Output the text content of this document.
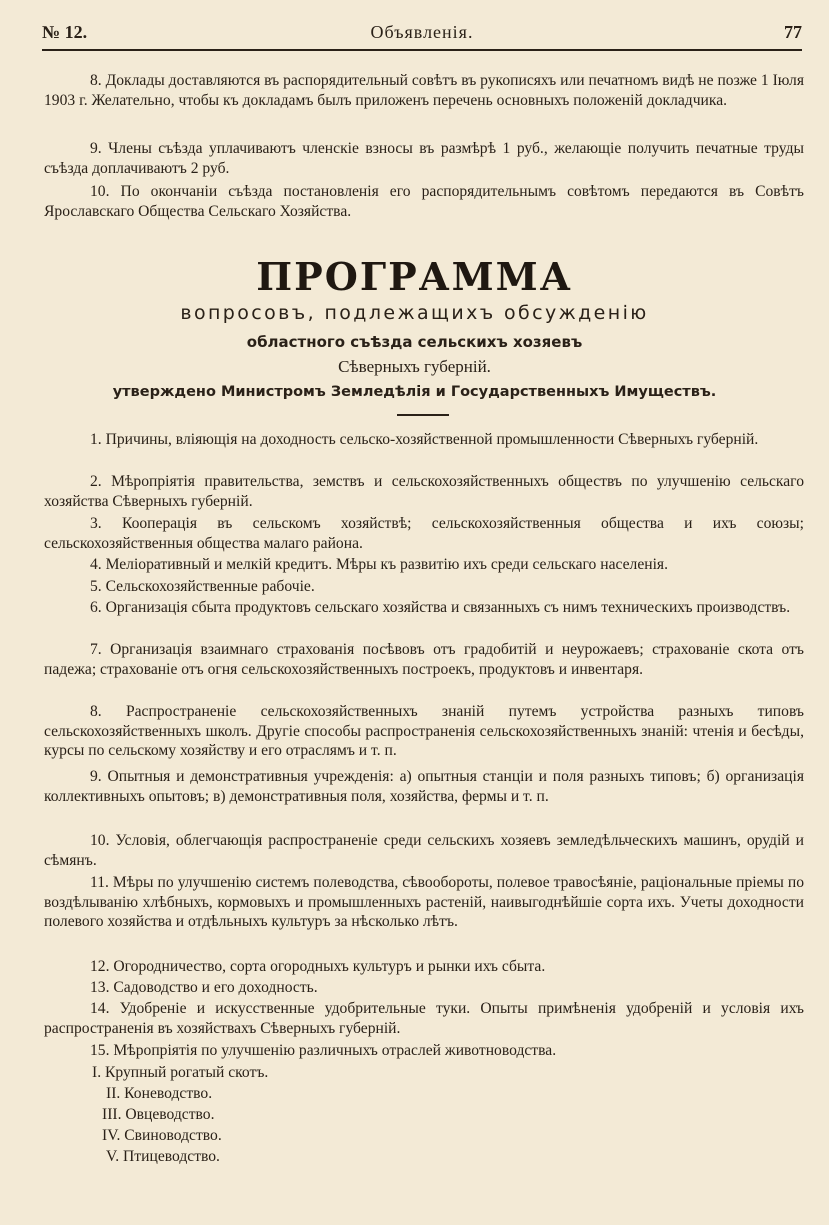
№ 12.	Объявленія.	77

8. Доклады доставляются въ распорядительный совѣтъ въ рукописяхъ или печатномъ видѣ не позже 1 Іюля 1903 г. Желательно, чтобы къ докладамъ былъ приложенъ перечень основныхъ положеній докладчика.

9. Члены съѣзда уплачиваютъ членскіе взносы въ размѣрѣ 1 руб., желающіе получить печатные труды съѣзда доплачиваютъ 2 руб.

10. По окончаніи съѣзда постановленія его распорядительнымъ совѣтомъ передаются въ Совѣтъ Ярославскаго Общества Сельскаго Хозяйства.

ПРОГРАММА
вопросовъ, подлежащихъ обсужденію
областного съѣзда сельскихъ хозяевъ
Сѣверныхъ губерній.
утверждено Министромъ Земледѣлія и Государственныхъ Имуществъ.

1. Причины, вліяющія на доходность сельско-хозяйственной промышленности Сѣверныхъ губерній.

2. Мѣропріятія правительства, земствъ и сельскохозяйственныхъ обществъ по улучшенію сельскаго хозяйства Сѣверныхъ губерній.

3. Кооперація въ сельскомъ хозяйствѣ; сельскохозяйственныя общества и ихъ союзы; сельскохозяйственныя общества малаго района.

4. Меліоративный и мелкій кредитъ. Мѣры къ развитію ихъ среди сельскаго населенія.

5. Сельскохозяйственные рабочіе.

6. Организація сбыта продуктовъ сельскаго хозяйства и связанныхъ съ нимъ техническихъ производствъ.

7. Организація взаимнаго страхованія посѣвовъ отъ градобитій и неурожаевъ; страхованіе скота отъ падежа; страхованіе отъ огня сельскохозяйственныхъ построекъ, продуктовъ и инвентаря.

8. Распространеніе сельскохозяйственныхъ знаній путемъ устройства разныхъ типовъ сельскохозяйственныхъ школъ. Другіе способы распространенія сельскохозяйственныхъ знаній: чтенія и бесѣды, курсы по сельскому хозяйству и его отраслямъ и т. п.

9. Опытныя и демонстративныя учрежденія: а) опытныя станціи и поля разныхъ типовъ; б) организація коллективныхъ опытовъ; в) демонстративныя поля, хозяйства, фермы и т. п.

10. Условія, облегчающія распространеніе среди сельскихъ хозяевъ земледѣльческихъ машинъ, орудій и сѣмянъ.

11. Мѣры по улучшенію системъ полеводства, сѣвообороты, полевое травосѣяніе, раціональные пріемы по воздѣлыванію хлѣбныхъ, кормовыхъ и промышленныхъ растеній, наивыгоднѣйшіе сорта ихъ. Учеты доходности полевого хозяйства и отдѣльныхъ культуръ за нѣсколько лѣтъ.

12. Огородничество, сорта огородныхъ культуръ и рынки ихъ сбыта.

13. Садоводство и его доходность.

14. Удобреніе и искусственные удобрительные туки. Опыты примѣненія удобреній и условія ихъ распространенія въ хозяйствахъ Сѣверныхъ губерній.

15. Мѣропріятія по улучшенію различныхъ отраслей животноводства.

I. Крупный рогатый скотъ.
II. Коневодство.
III. Овцеводство.
IV. Свиноводство.
V. Птицеводство.
